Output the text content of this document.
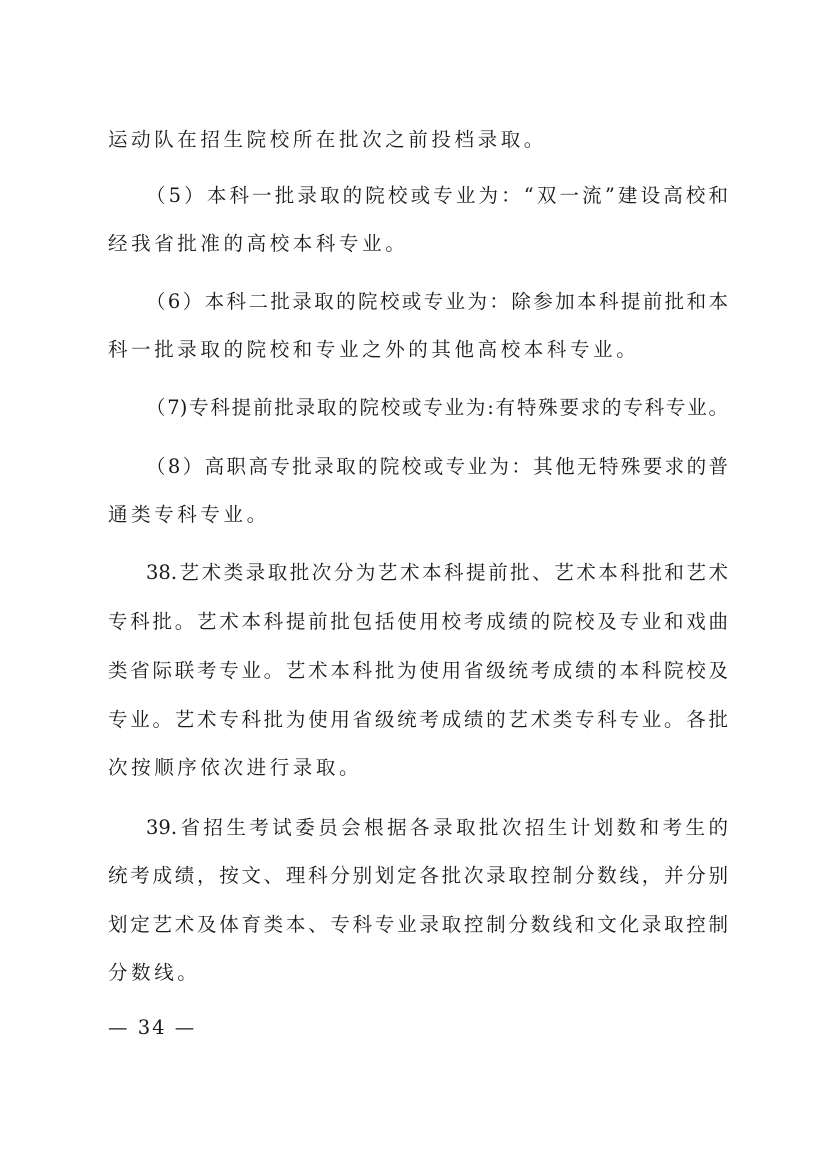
运动队在招生院校所在批次之前投档录取。
（5）本科一批录取的院校或专业为：“双一流”建设高校和
经我省批准的高校本科专业。
（6）本科二批录取的院校或专业为：除参加本科提前批和本
科一批录取的院校和专业之外的其他高校本科专业。
（7)专科提前批录取的院校或专业为:有特殊要求的专科专业。
（8）高职高专批录取的院校或专业为：其他无特殊要求的普
通类专科专业。
38.艺术类录取批次分为艺术本科提前批、艺术本科批和艺术
专科批。艺术本科提前批包括使用校考成绩的院校及专业和戏曲
类省际联考专业。艺术本科批为使用省级统考成绩的本科院校及
专业。艺术专科批为使用省级统考成绩的艺术类专科专业。各批
次按顺序依次进行录取。
39.省招生考试委员会根据各录取批次招生计划数和考生的
统考成绩，按文、理科分别划定各批次录取控制分数线，并分别
划定艺术及体育类本、专科专业录取控制分数线和文化录取控制
分数线。
— 34 —
